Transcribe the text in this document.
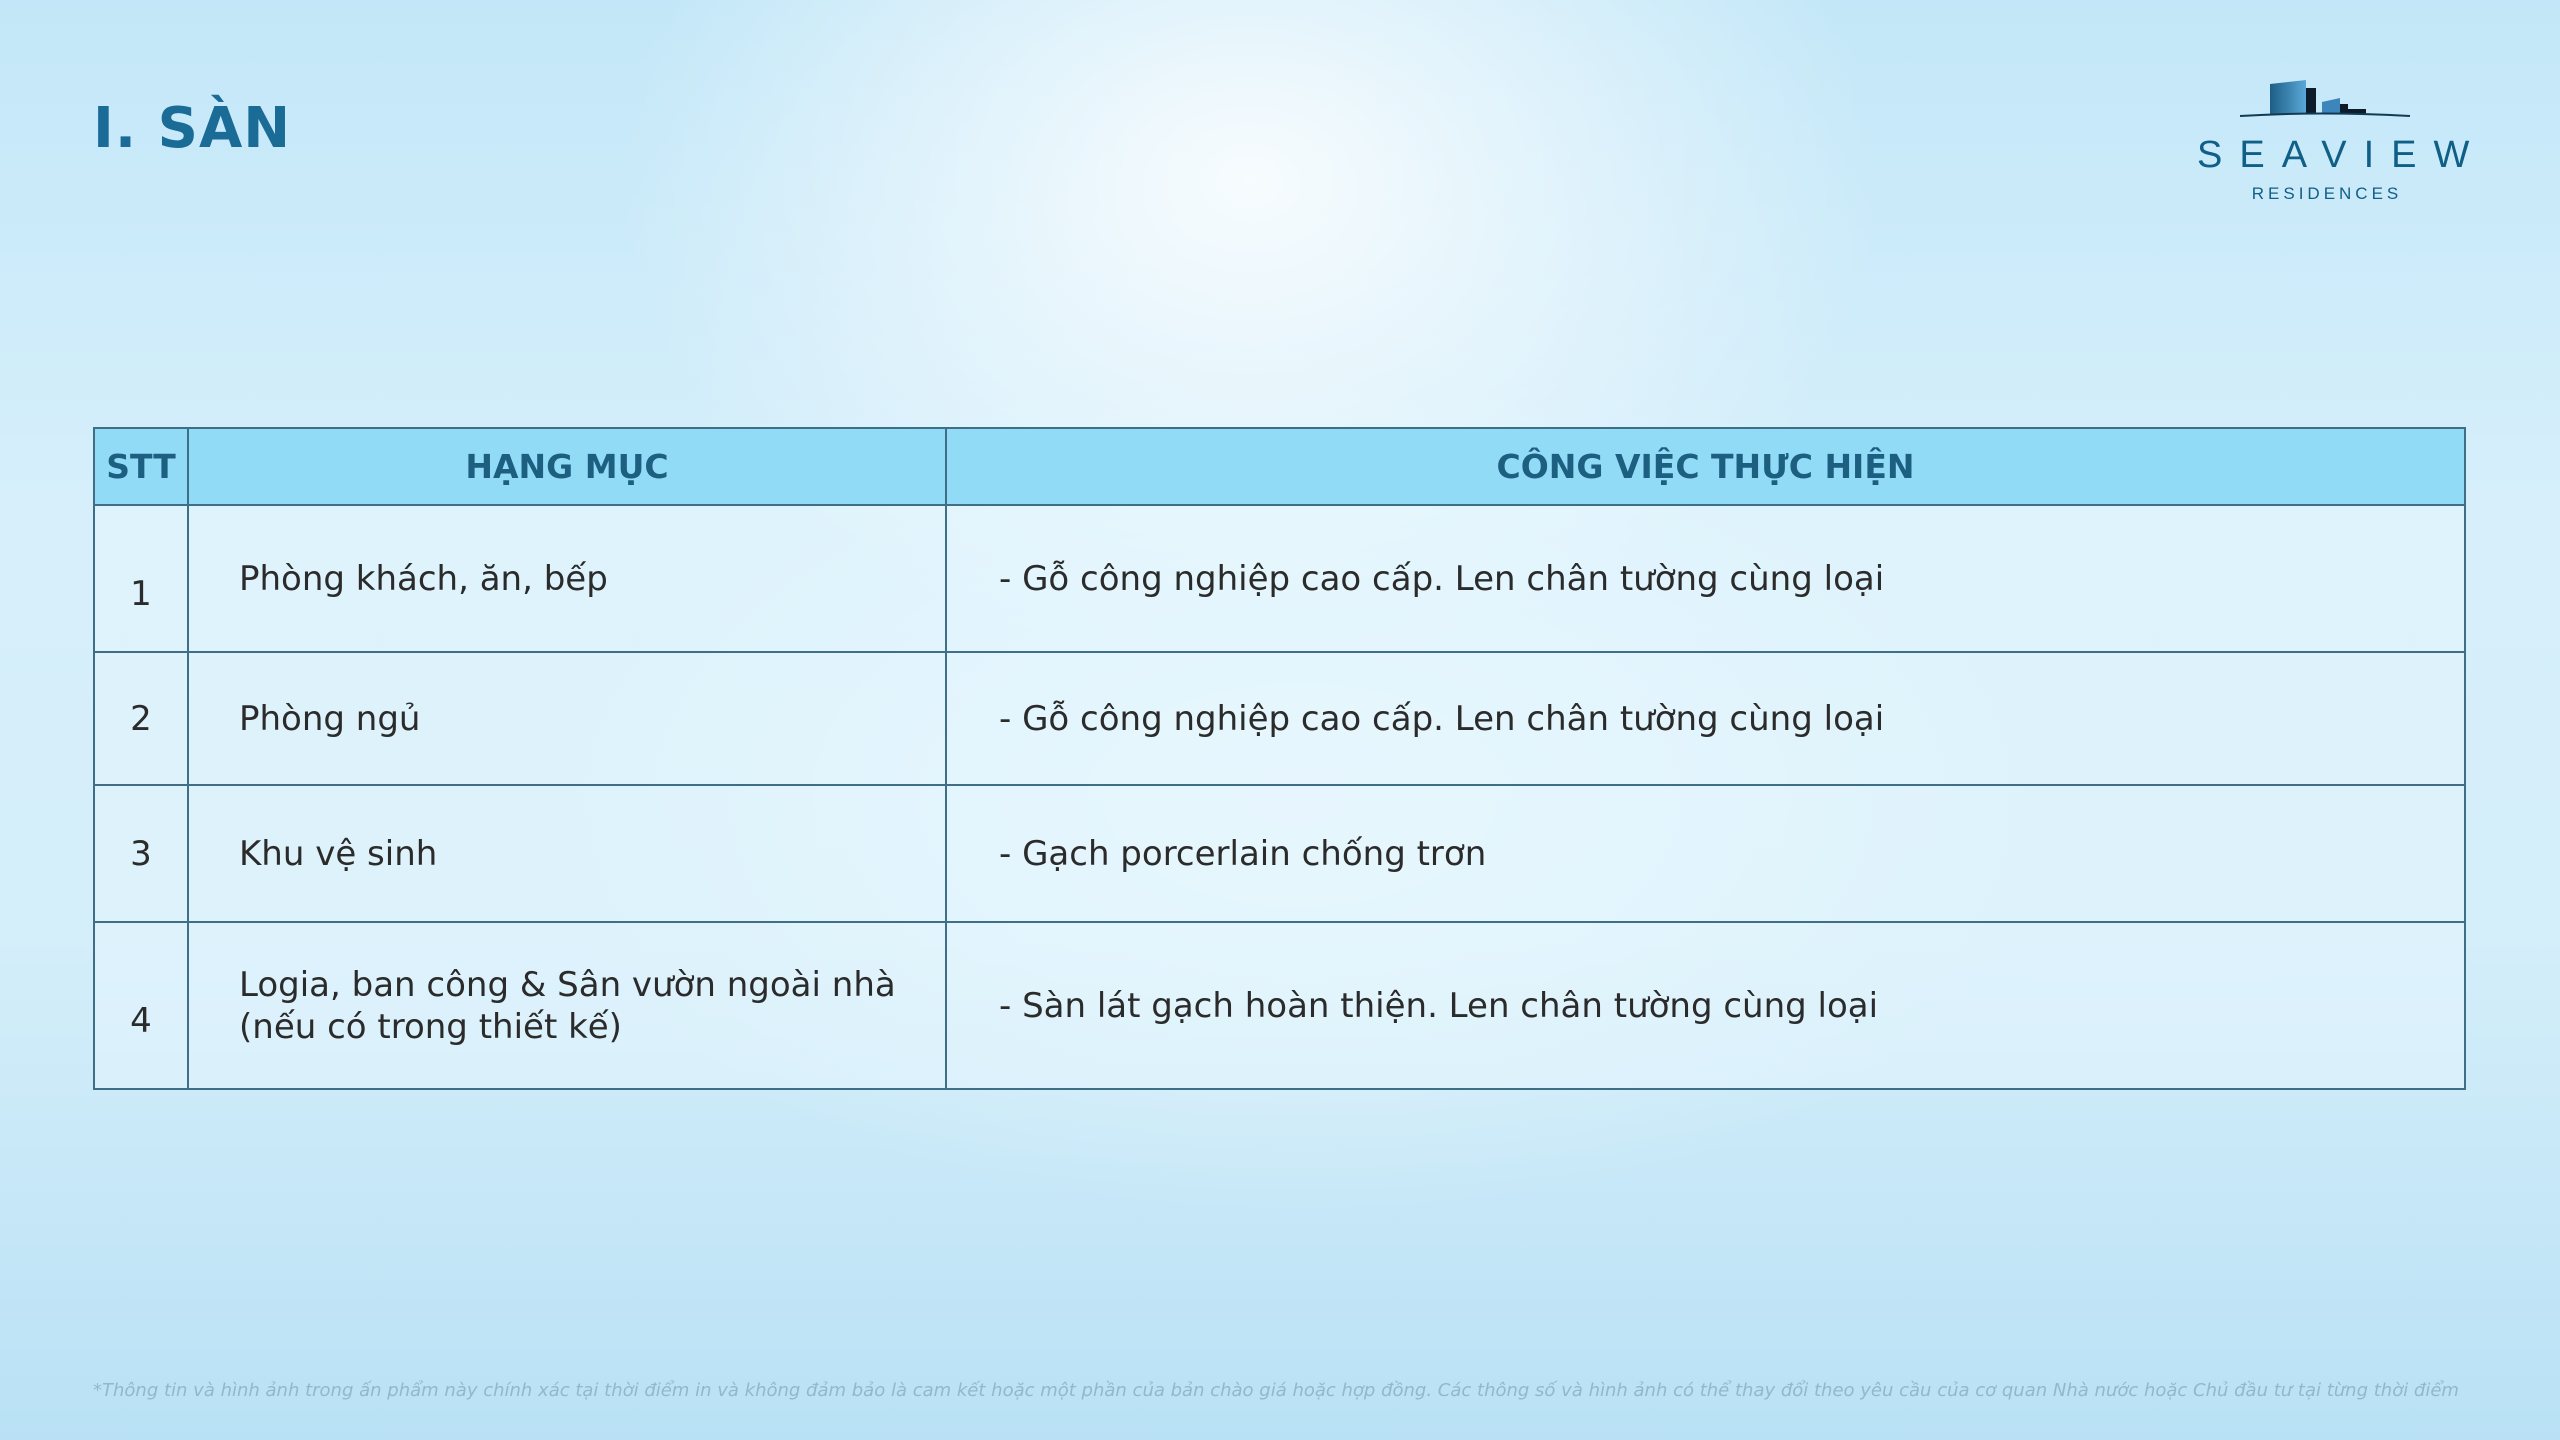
I. SÀN	SEAVIEW
RESIDENCES
STT	HẠNG MỤC	CÔNG VIỆC THỰC HIỆN

1	Phòng khách, ăn, bếp	- Gỗ công nghiệp cao cấp. Len chân tường cùng loại

2	Phòng ngủ	- Gỗ công nghiệp cao cấp. Len chân tường cùng loại

3	Khu vệ sinh	- Gạch porcerlain chống trơn

4	Logia, ban công & Sân vườn ngoài nhà
(nếu có trong thiết kế)	- Sàn lát gạch hoàn thiện. Len chân tường cùng loại
*Thông tin và hình ảnh trong ấn phẩm này chính xác tại thời điểm in và không đảm bảo là cam kết hoặc một phần của bản chào giá hoặc hợp đồng. Các thông số và hình ảnh có thể thay đổi theo yêu cầu của cơ quan Nhà nước hoặc Chủ đầu tư tại từng thời điểm
